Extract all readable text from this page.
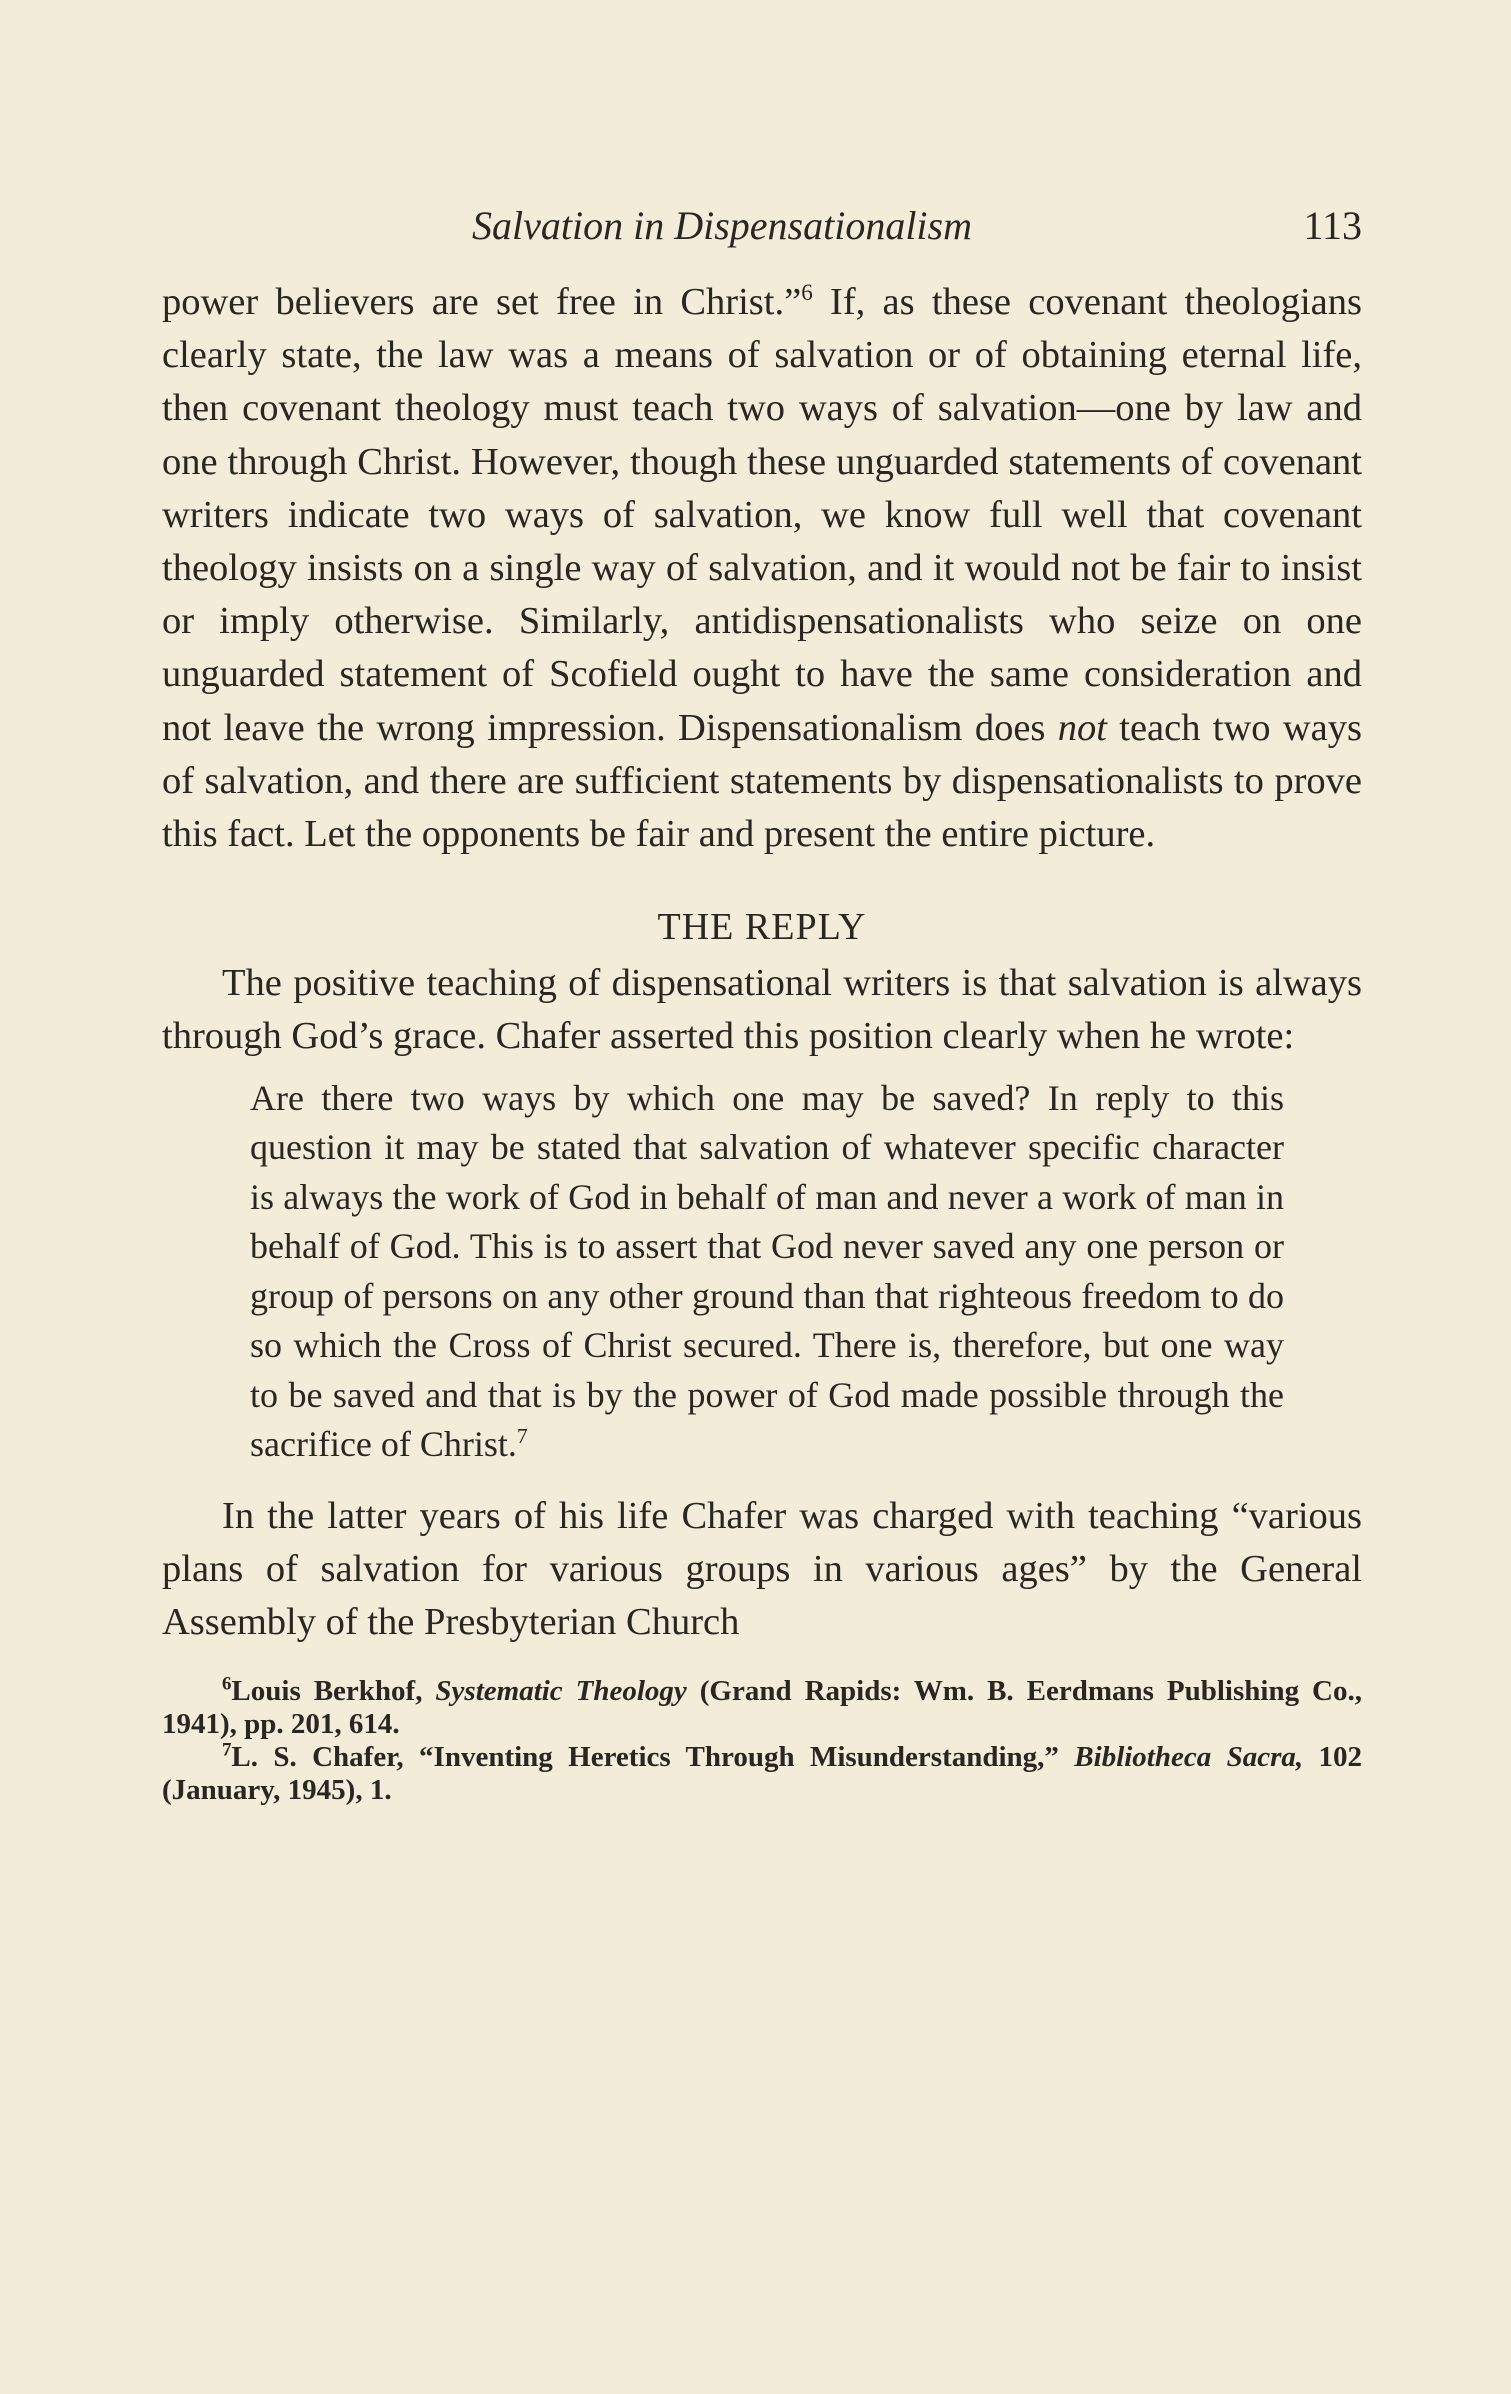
Salvation in Dispensationalism	113

power believers are set free in Christ.”$^6$ If, as these covenant theologians clearly state, the law was a means of salvation or of obtaining eternal life, then covenant theology must teach two ways of salvation—one by law and one through Christ. However, though these unguarded statements of covenant writers indicate two ways of salvation, we know full well that covenant theology insists on a single way of salvation, and it would not be fair to insist or imply otherwise. Similarly, antidispensationalists who seize on one unguarded statement of Scofield ought to have the same consideration and not leave the wrong impression. Dispensationalism does not teach two ways of salvation, and there are sufficient statements by dispensationalists to prove this fact. Let the opponents be fair and present the entire picture.

THE REPLY

The positive teaching of dispensational writers is that salvation is always through God’s grace. Chafer asserted this position clearly when he wrote:

Are there two ways by which one may be saved? In reply to this question it may be stated that salvation of whatever specific character is always the work of God in behalf of man and never a work of man in behalf of God. This is to assert that God never saved any one person or group of persons on any other ground than that righteous freedom to do so which the Cross of Christ secured. There is, therefore, but one way to be saved and that is by the power of God made possible through the sacrifice of Christ.$^7$

In the latter years of his life Chafer was charged with teaching “various plans of salvation for various groups in various ages” by the General Assembly of the Presbyterian Church

$^6$Louis Berkhof, Systematic Theology (Grand Rapids: Wm. B. Eerdmans Publishing Co., 1941), pp. 201, 614.

$^7$L. S. Chafer, “Inventing Heretics Through Misunderstanding,” Bibliotheca Sacra, 102 (January, 1945), 1.
